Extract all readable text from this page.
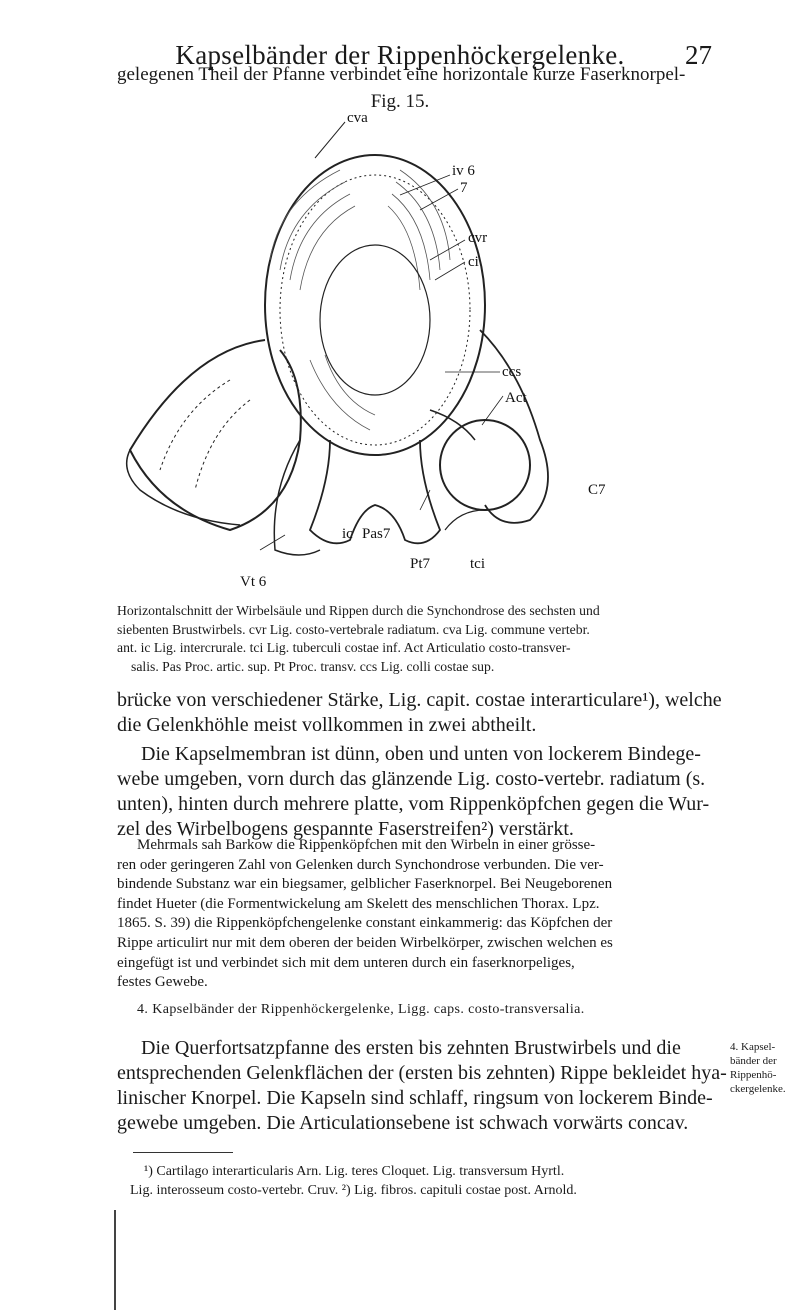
Kapselbänder der Rippenhöckergelenke.	27
gelegenen Theil der Pfanne verbindet eine horizontale kurze Faserknorpel-
Fig. 15.
cva
iv 6
7
cvr
ci
ccs
Act
C7
ic Pas7
Pt7	tci
Vt 6
Horizontalschnitt der Wirbelsäule und Rippen durch die Synchondrose des sechsten und
siebenten Brustwirbels. cvr Lig. costo-vertebrale radiatum. cva Lig. commune vertebr.
ant. ic Lig. intercrurale. tci Lig. tuberculi costae inf. Act Articulatio costo-transver-
salis. Pas Proc. artic. sup. Pt Proc. transv. ccs Lig. colli costae sup.
brücke von verschiedener Stärke, Lig. capit. costae interarticulare¹), welche
die Gelenkhöhle meist vollkommen in zwei abtheilt.
Die Kapselmembran ist dünn, oben und unten von lockerem Bindege-
webe umgeben, vorn durch das glänzende Lig. costo-vertebr. radiatum (s.
unten), hinten durch mehrere platte, vom Rippenköpfchen gegen die Wur-
zel des Wirbelbogens gespannte Faserstreifen²) verstärkt.
Mehrmals sah Barkow die Rippenköpfchen mit den Wirbeln in einer grösse-
ren oder geringeren Zahl von Gelenken durch Synchondrose verbunden. Die ver-
bindende Substanz war ein biegsamer, gelblicher Faserknorpel. Bei Neugeborenen
findet Hueter (die Formentwickelung am Skelett des menschlichen Thorax. Lpz.
1865. S. 39) die Rippenköpfchengelenke constant einkammerig: das Köpfchen der
Rippe articulirt nur mit dem oberen der beiden Wirbelkörper, zwischen welchen es
eingefügt ist und verbindet sich mit dem unteren durch ein faserknorpeliges,
festes Gewebe.
4. Kapselbänder der Rippenhöckergelenke, Ligg. caps. costo-transversalia.
Die Querfortsatzpfanne des ersten bis zehnten Brustwirbels und die
entsprechenden Gelenkflächen der (ersten bis zehnten) Rippe bekleidet hya-
linischer Knorpel. Die Kapseln sind schlaff, ringsum von lockerem Binde-
gewebe umgeben. Die Articulationsebene ist schwach vorwärts concav.
4. Kapsel-bänder der Rippenhö-ckergelenke.
¹) Cartilago interarticularis Arn. Lig. teres Cloquet. Lig. transversum Hyrtl.
Lig. interosseum costo-vertebr. Cruv. ²) Lig. fibros. capituli costae post. Arnold.
